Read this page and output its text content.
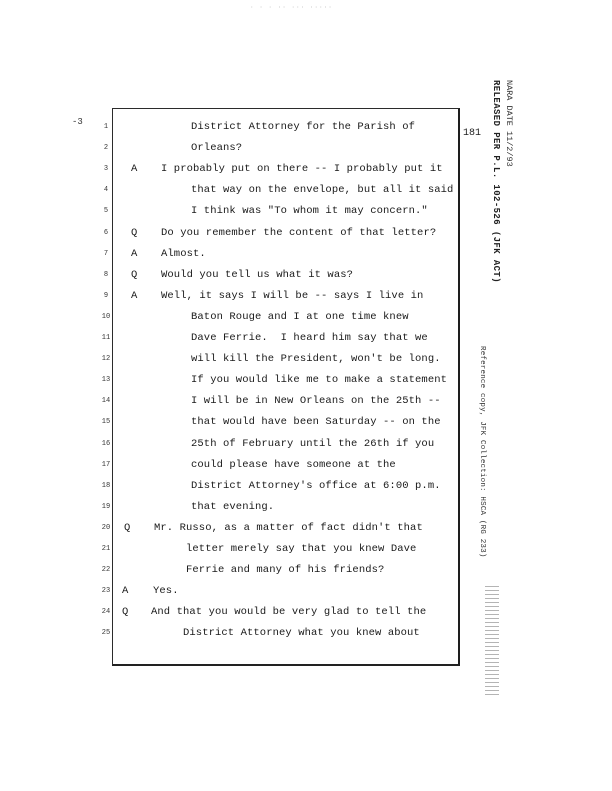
· · · ·· ··· ·····
-3
181
1	District Attorney for the Parish of
2	Orleans?
3	A I probably put on there -- I probably put it
4	that way on the envelope, but all it said
5	I think was "To whom it may concern."
6	Q Do you remember the content of that letter?
7	A Almost.
8	Q Would you tell us what it was?
9	A Well, it says I will be -- says I live in
10	Baton Rouge and I at one time knew
11	Dave Ferrie.  I heard him say that we
12	will kill the President, won't be long.
13	If you would like me to make a statement
14	I will be in New Orleans on the 25th --
15	that would have been Saturday -- on the
16	25th of February until the 26th if you
17	could please have someone at the
18	District Attorney's office at 6:00 p.m.
19	that evening.
20	Q Mr. Russo, as a matter of fact didn't that
21	letter merely say that you knew Dave
22	Ferrie and many of his friends?
23	A Yes.
24	Q And that you would be very glad to tell the
25	District Attorney what you knew about
RELEASED PER P.L. 102-526 (JFK ACT) NARA DATE 11/2/93
Reference copy, JFK Collection: HSCA (RG 233)
